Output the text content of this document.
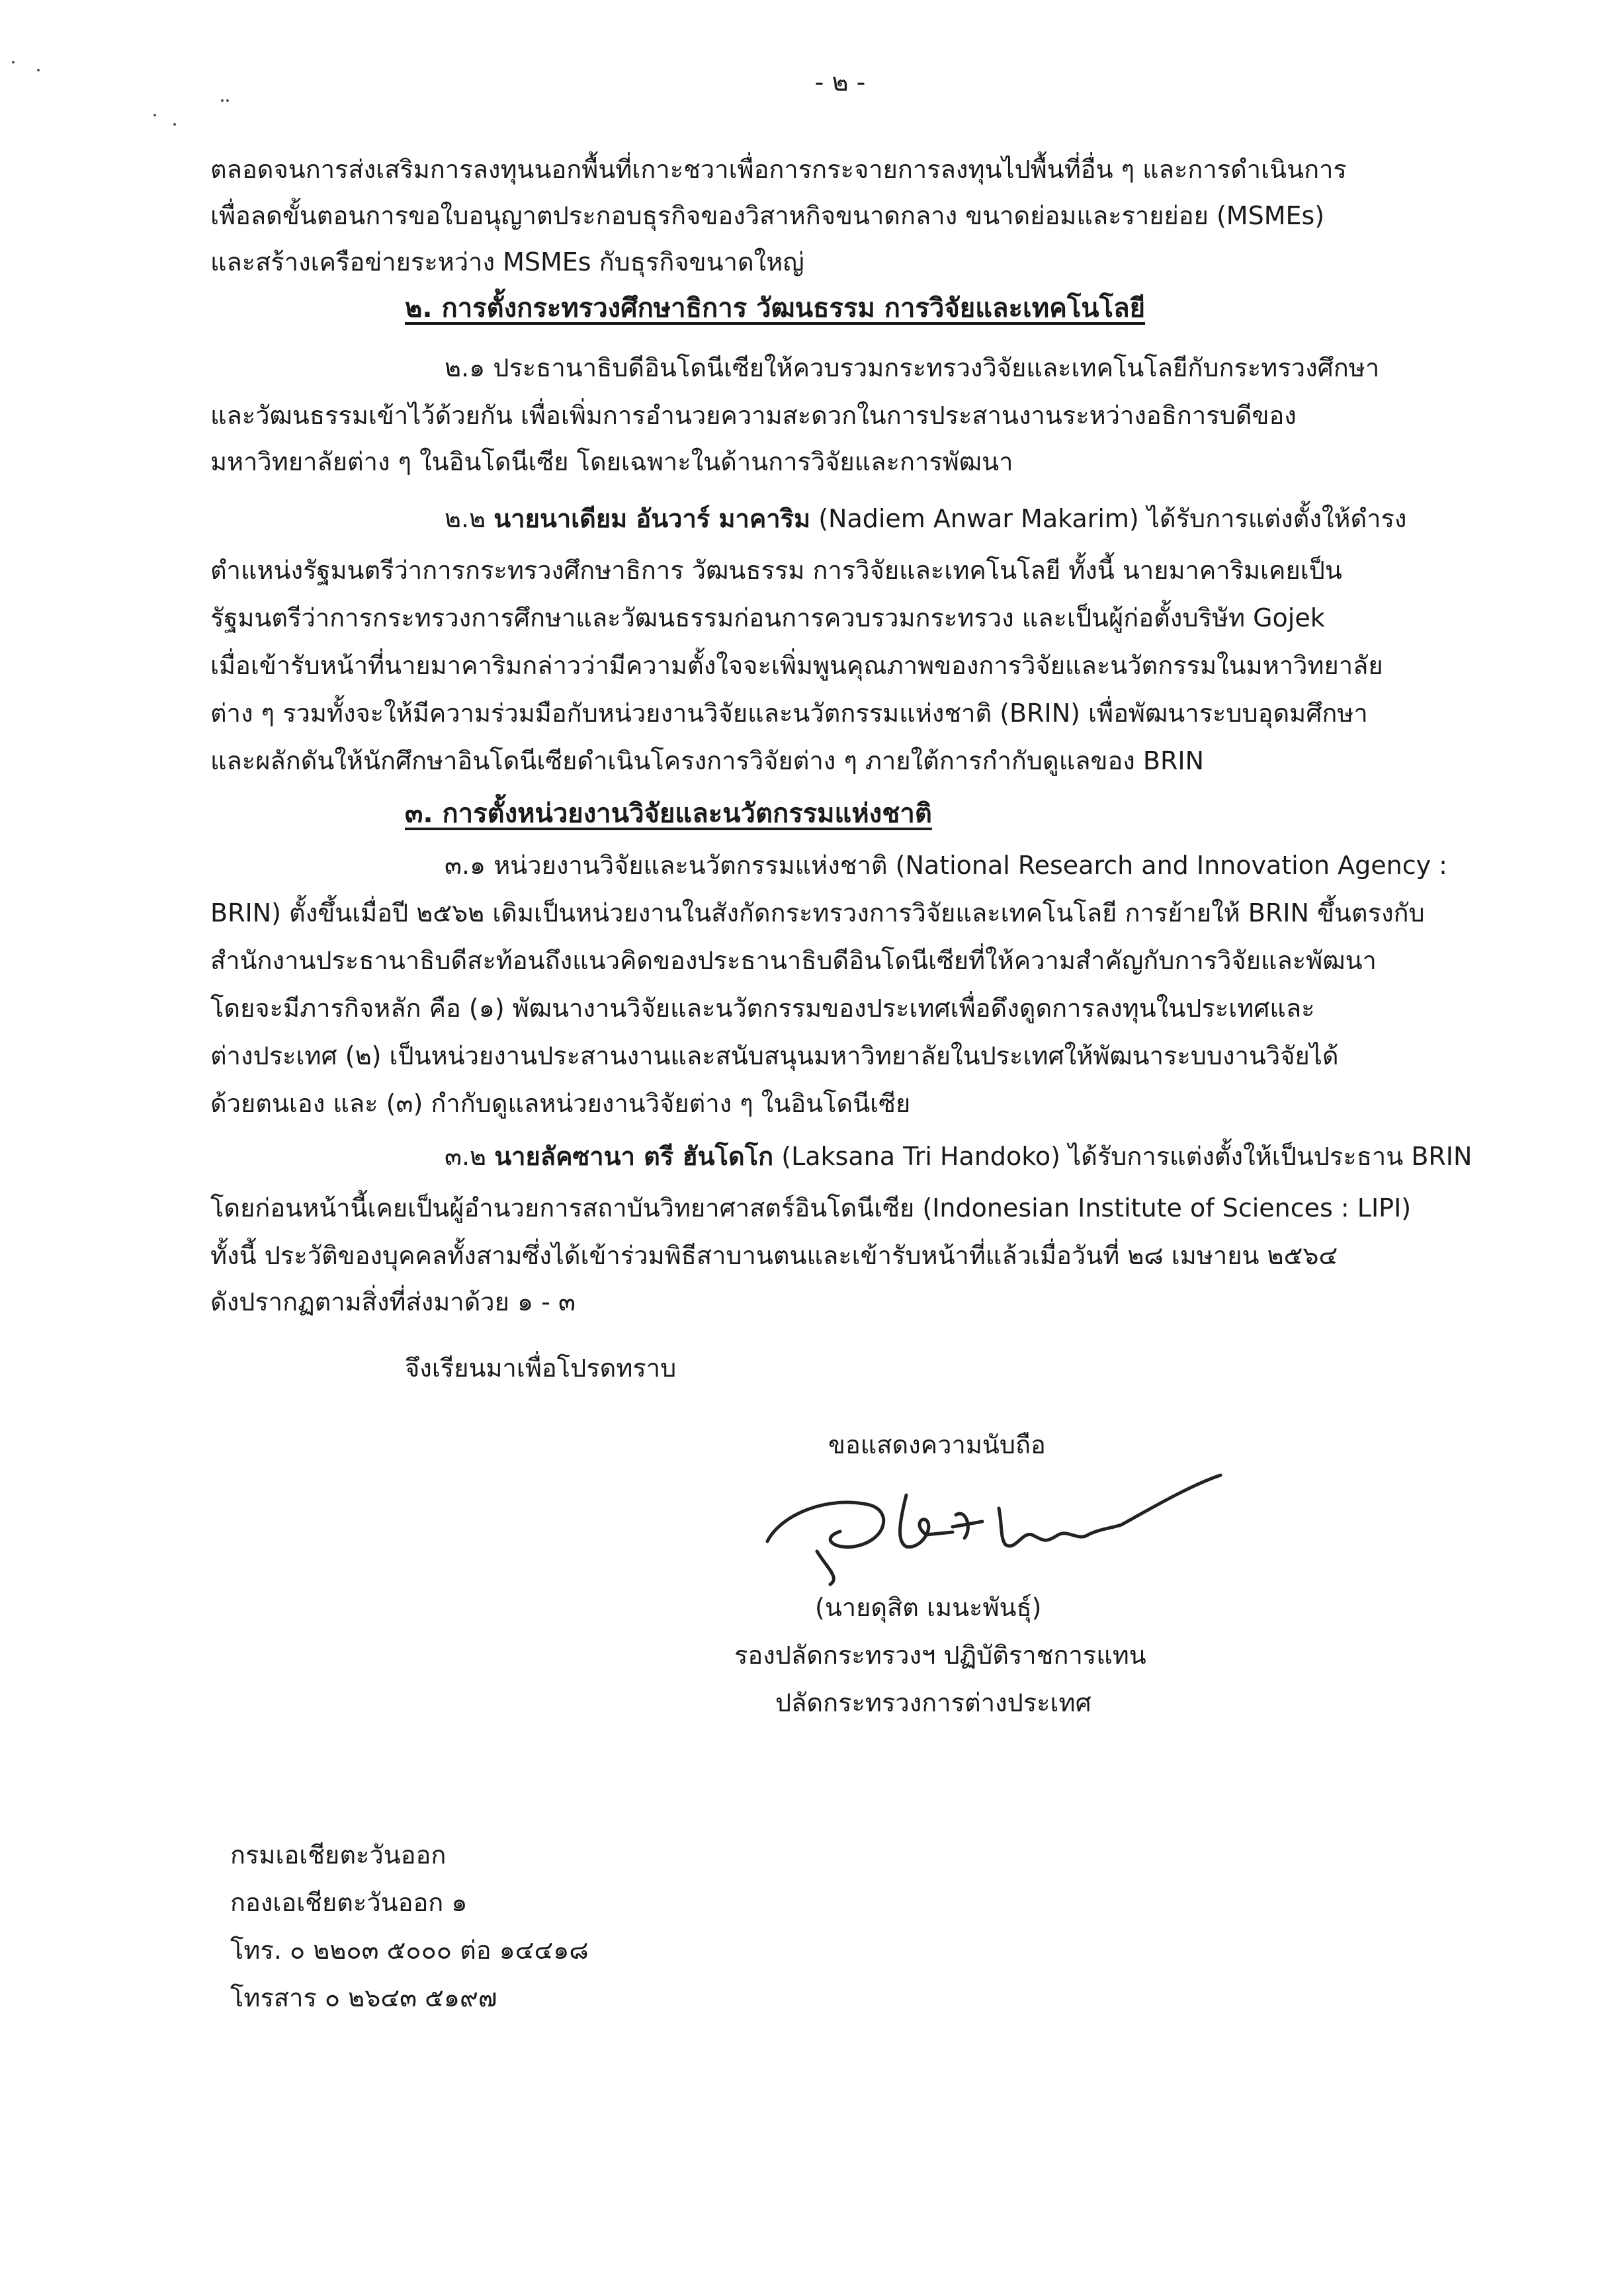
- ๒ -
ตลอดจนการส่งเสริมการลงทุนนอกพื้นที่เกาะชวาเพื่อการกระจายการลงทุนไปพื้นที่อื่น ๆ และการดำเนินการ
เพื่อลดขั้นตอนการขอใบอนุญาตประกอบธุรกิจของวิสาหกิจขนาดกลาง ขนาดย่อมและรายย่อย (MSMEs)
และสร้างเครือข่ายระหว่าง MSMEs กับธุรกิจขนาดใหญ่
๒. การตั้งกระทรวงศึกษาธิการ วัฒนธรรม การวิจัยและเทคโนโลยี
๒.๑ ประธานาธิบดีอินโดนีเซียให้ควบรวมกระทรวงวิจัยและเทคโนโลยีกับกระทรวงศึกษา
และวัฒนธรรมเข้าไว้ด้วยกัน เพื่อเพิ่มการอำนวยความสะดวกในการประสานงานระหว่างอธิการบดีของ
มหาวิทยาลัยต่าง ๆ ในอินโดนีเซีย โดยเฉพาะในด้านการวิจัยและการพัฒนา
๒.๒ นายนาเดียม อันวาร์ มาคาริม (Nadiem Anwar Makarim) ได้รับการแต่งตั้งให้ดำรง
ตำแหน่งรัฐมนตรีว่าการกระทรวงศึกษาธิการ วัฒนธรรม การวิจัยและเทคโนโลยี ทั้งนี้ นายมาคาริมเคยเป็น
รัฐมนตรีว่าการกระทรวงการศึกษาและวัฒนธรรมก่อนการควบรวมกระทรวง และเป็นผู้ก่อตั้งบริษัท Gojek
เมื่อเข้ารับหน้าที่นายมาคาริมกล่าวว่ามีความตั้งใจจะเพิ่มพูนคุณภาพของการวิจัยและนวัตกรรมในมหาวิทยาลัย
ต่าง ๆ รวมทั้งจะให้มีความร่วมมือกับหน่วยงานวิจัยและนวัตกรรมแห่งชาติ (BRIN) เพื่อพัฒนาระบบอุดมศึกษา
และผลักดันให้นักศึกษาอินโดนีเซียดำเนินโครงการวิจัยต่าง ๆ ภายใต้การกำกับดูแลของ BRIN
๓. การตั้งหน่วยงานวิจัยและนวัตกรรมแห่งชาติ
๓.๑ หน่วยงานวิจัยและนวัตกรรมแห่งชาติ (National Research and Innovation Agency :
BRIN) ตั้งขึ้นเมื่อปี ๒๕๖๒ เดิมเป็นหน่วยงานในสังกัดกระทรวงการวิจัยและเทคโนโลยี การย้ายให้ BRIN ขึ้นตรงกับ
สำนักงานประธานาธิบดีสะท้อนถึงแนวคิดของประธานาธิบดีอินโดนีเซียที่ให้ความสำคัญกับการวิจัยและพัฒนา
โดยจะมีภารกิจหลัก คือ (๑) พัฒนางานวิจัยและนวัตกรรมของประเทศเพื่อดึงดูดการลงทุนในประเทศและ
ต่างประเทศ (๒) เป็นหน่วยงานประสานงานและสนับสนุนมหาวิทยาลัยในประเทศให้พัฒนาระบบงานวิจัยได้
ด้วยตนเอง และ (๓) กำกับดูแลหน่วยงานวิจัยต่าง ๆ ในอินโดนีเซีย
๓.๒ นายลัคซานา ตรี ฮันโดโก (Laksana Tri Handoko) ได้รับการแต่งตั้งให้เป็นประธาน BRIN
โดยก่อนหน้านี้เคยเป็นผู้อำนวยการสถาบันวิทยาศาสตร์อินโดนีเซีย (Indonesian Institute of Sciences : LIPI)
ทั้งนี้ ประวัติของบุคคลทั้งสามซึ่งได้เข้าร่วมพิธีสาบานตนและเข้ารับหน้าที่แล้วเมื่อวันที่ ๒๘ เมษายน ๒๕๖๔
ดังปรากฏตามสิ่งที่ส่งมาด้วย ๑ - ๓
จึงเรียนมาเพื่อโปรดทราบ
ขอแสดงความนับถือ
(นายดุสิต เมนะพันธุ์)
รองปลัดกระทรวงฯ ปฏิบัติราชการแทน
ปลัดกระทรวงการต่างประเทศ
กรมเอเชียตะวันออก
กองเอเชียตะวันออก ๑
โทร. ๐ ๒๒๐๓ ๕๐๐๐ ต่อ ๑๔๔๑๘
โทรสาร ๐ ๒๖๔๓ ๕๑๙๗
